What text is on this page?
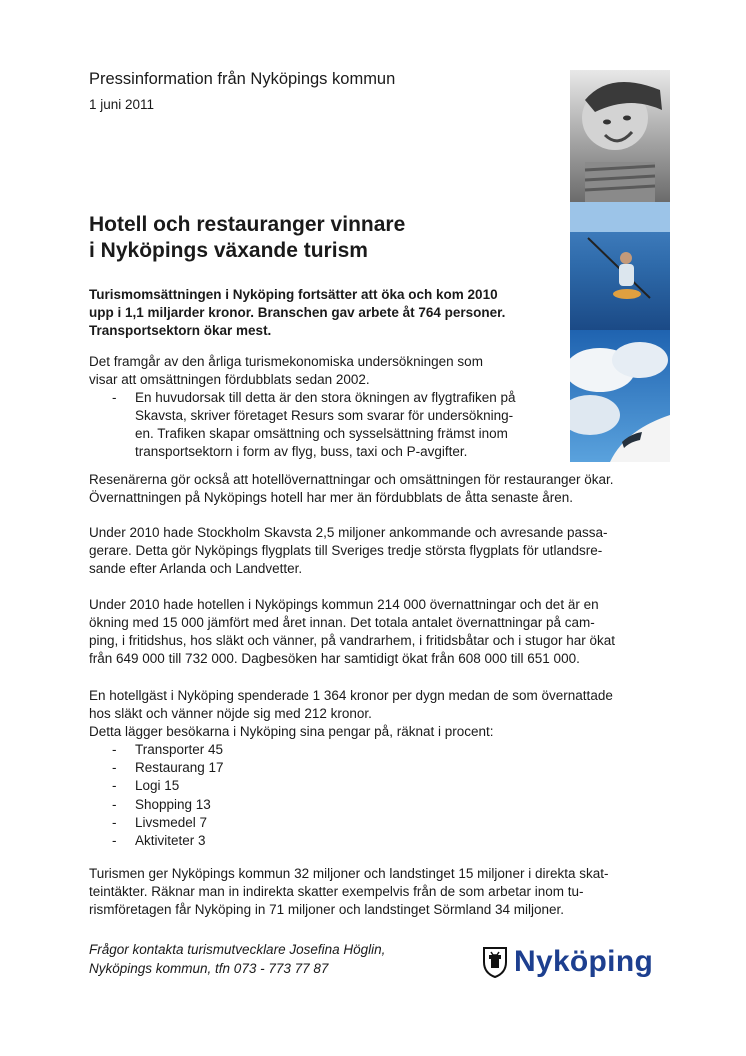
Pressinformation från Nyköpings kommun
1 juni 2011
Hotell och restauranger vinnare
i Nyköpings växande turism
Turismomsättningen i Nyköping fortsätter att öka och kom 2010
upp i 1,1 miljarder kronor. Branschen gav arbete åt 764 personer.
Transportsektorn ökar mest.
Det framgår av den årliga turismekonomiska undersökningen som
visar att omsättningen fördubblats sedan 2002.
- En huvudorsak till detta är den stora ökningen av flygtrafiken på
Skavsta, skriver företaget Resurs som svarar för undersökning-
en. Trafiken skapar omsättning och sysselsättning främst inom
transportsektorn i form av flyg, buss, taxi och P-avgifter.
Resenärerna gör också att hotellövernattningar och omsättningen för restauranger ökar.
Övernattningen på Nyköpings hotell har mer än fördubblats de åtta senaste åren.
Under 2010 hade Stockholm Skavsta 2,5 miljoner ankommande och avresande passa-
gerare. Detta gör Nyköpings flygplats till Sveriges tredje största flygplats för utlandsre-
sande efter Arlanda och Landvetter.
Under 2010 hade hotellen i Nyköpings kommun 214 000 övernattningar och det är en
ökning med 15 000 jämfört med året innan. Det totala antalet övernattningar på cam-
ping, i fritidshus, hos släkt och vänner, på vandrarhem, i fritidsbåtar och i stugor har ökat
från 649 000 till 732 000. Dagbesöken har samtidigt ökat från 608 000 till 651 000.
En hotellgäst i Nyköping spenderade 1 364 kronor per dygn medan de som övernattade
hos släkt och vänner nöjde sig med 212 kronor.
Detta lägger besökarna i Nyköping sina pengar på, räknat i procent:
- Transporter 45
- Restaurang 17
- Logi 15
- Shopping 13
- Livsmedel 7
- Aktiviteter 3
Turismen ger Nyköpings kommun 32 miljoner och landstinget 15 miljoner i direkta skat-
teintäkter. Räknar man in indirekta skatter exempelvis från de som arbetar inom tu-
rismföretagen får Nyköping in 71 miljoner och landstinget Sörmland 34 miljoner.
Frågor kontakta turismutvecklare Josefina Höglin,
Nyköpings kommun, tfn 073 - 773 77 87	Nyköping
